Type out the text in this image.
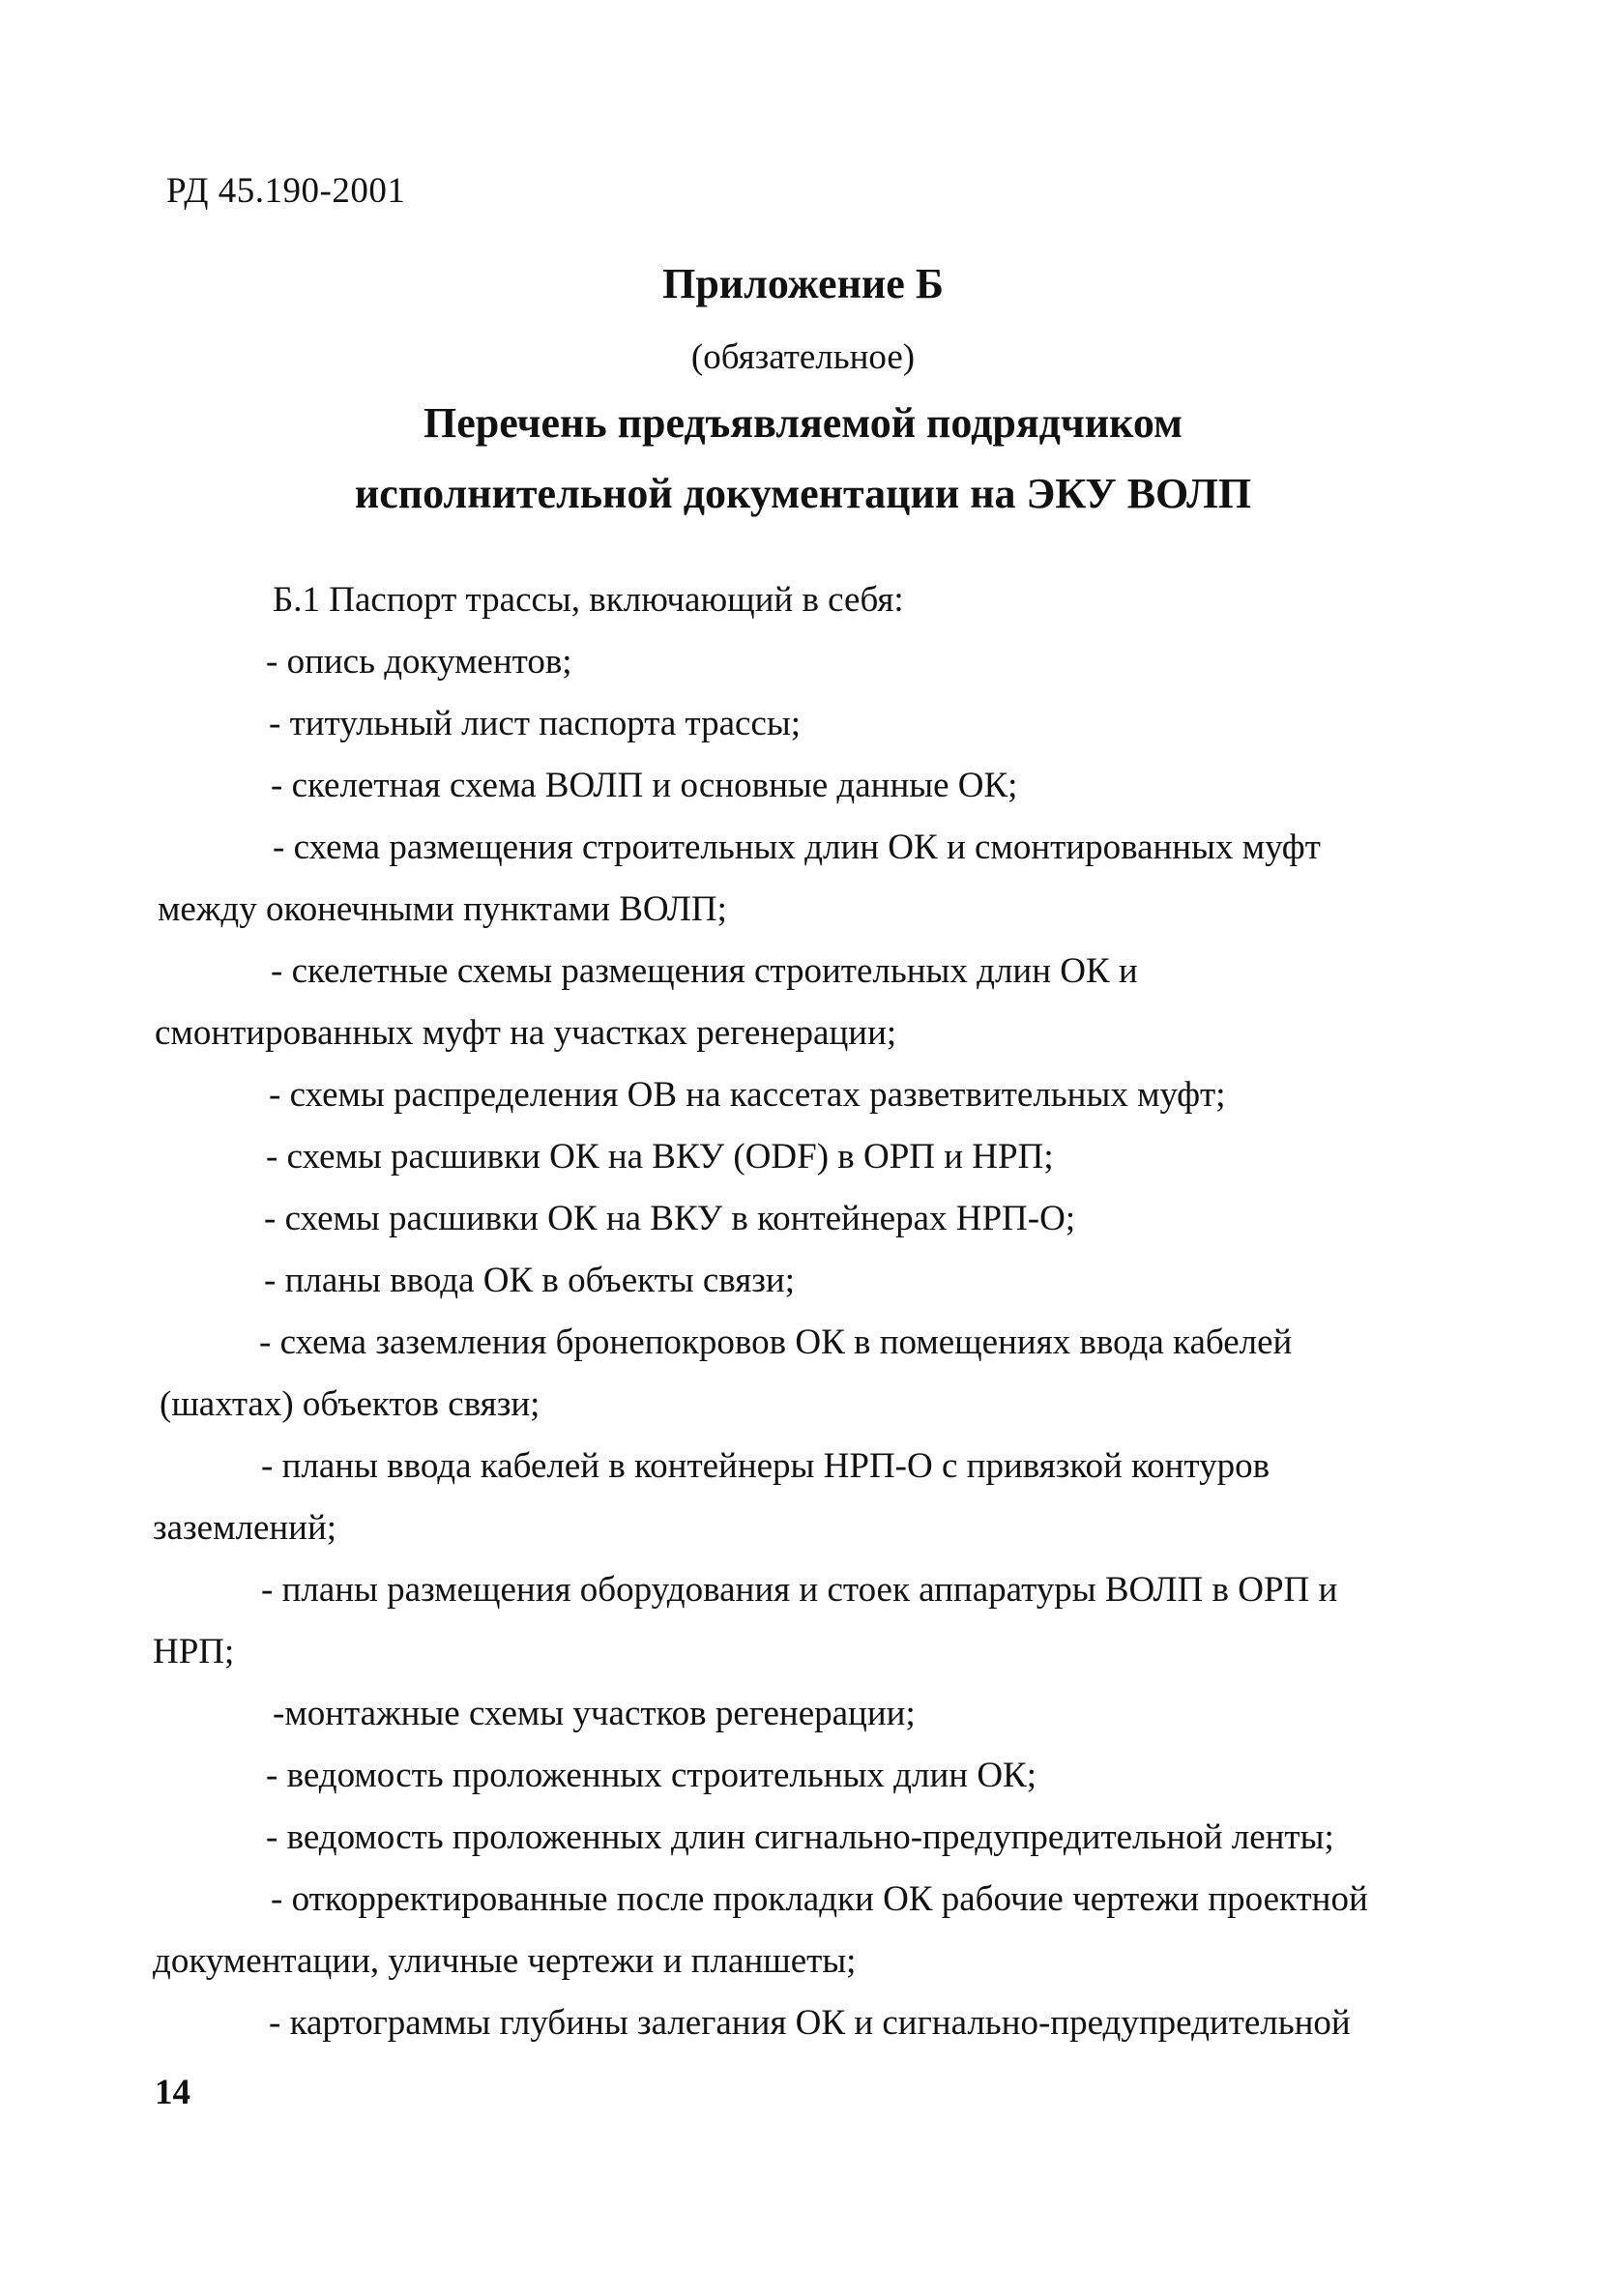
РД 45.190-2001
Приложение Б
(обязательное)
Перечень предъявляемой подрядчиком
исполнительной документации на ЭКУ ВОЛП
Б.1 Паспорт трассы, включающий в себя:
- опись документов;
- титульный лист паспорта трассы;
- скелетная схема ВОЛП и основные данные ОК;
- схема размещения строительных длин ОК и смонтированных муфт
между оконечными пунктами ВОЛП;
- скелетные схемы размещения строительных длин ОК и
смонтированных муфт на участках регенерации;
- схемы распределения ОВ на кассетах разветвительных муфт;
- схемы расшивки ОК на ВКУ (ODF) в ОРП и НРП;
- схемы расшивки ОК на ВКУ в контейнерах НРП-О;
- планы ввода ОК в объекты связи;
- схема заземления бронепокровов ОК в помещениях ввода кабелей
(шахтах) объектов связи;
- планы ввода кабелей в контейнеры НРП-О с привязкой контуров
заземлений;
- планы размещения оборудования и стоек аппаратуры ВОЛП в ОРП и
НРП;
-монтажные схемы участков регенерации;
- ведомость проложенных строительных длин ОК;
- ведомость проложенных длин сигнально-предупредительной ленты;
- откорректированные после прокладки ОК рабочие чертежи проектной
документации, уличные чертежи и планшеты;
- картограммы глубины залегания ОК и сигнально-предупредительной
14
